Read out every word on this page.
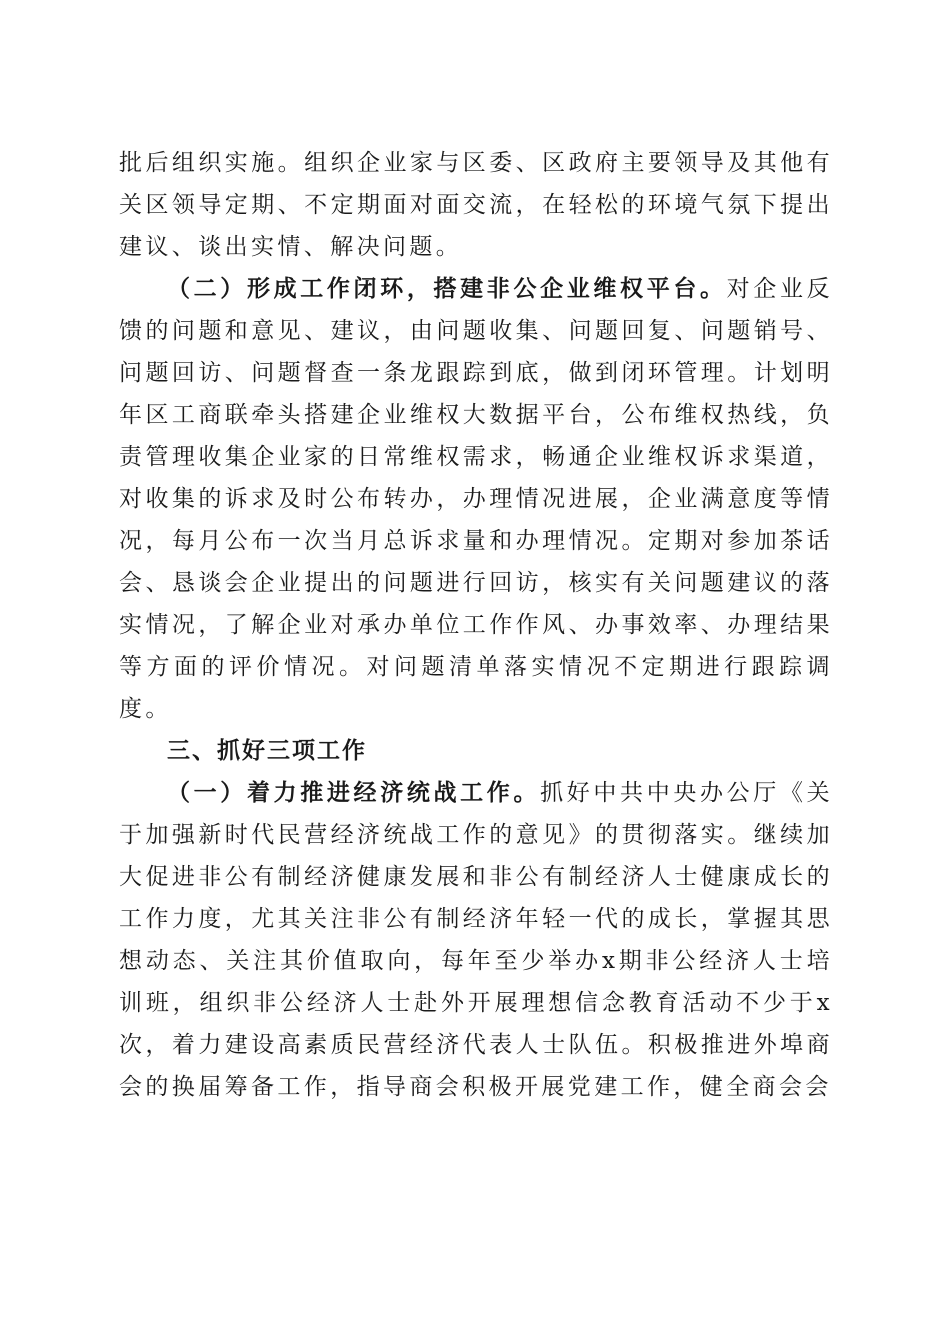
批后组织实施。组织企业家与区委、区政府主要领导及其他有关区领导定期、不定期面对面交流，在轻松的环境气氛下提出建议、谈出实情、解决问题。

（二）形成工作闭环，搭建非公企业维权平台。对企业反馈的问题和意见、建议，由问题收集、问题回复、问题销号、问题回访、问题督查一条龙跟踪到底，做到闭环管理。计划明年区工商联牵头搭建企业维权大数据平台，公布维权热线，负责管理收集企业家的日常维权需求，畅通企业维权诉求渠道，对收集的诉求及时公布转办，办理情况进展，企业满意度等情况，每月公布一次当月总诉求量和办理情况。定期对参加茶话会、恳谈会企业提出的问题进行回访，核实有关问题建议的落实情况，了解企业对承办单位工作作风、办事效率、办理结果等方面的评价情况。对问题清单落实情况不定期进行跟踪调度。

三、抓好三项工作

（一）着力推进经济统战工作。抓好中共中央办公厅《关于加强新时代民营经济统战工作的意见》的贯彻落实。继续加大促进非公有制经济健康发展和非公有制经济人士健康成长的工作力度，尤其关注非公有制经济年轻一代的成长，掌握其思想动态、关注其价值取向，每年至少举办x期非公经济人士培训班，组织非公经济人士赴外开展理想信念教育活动不少于x次，着力建设高素质民营经济代表人士队伍。积极推进外埠商会的换届筹备工作，指导商会积极开展党建工作，健全商会会
